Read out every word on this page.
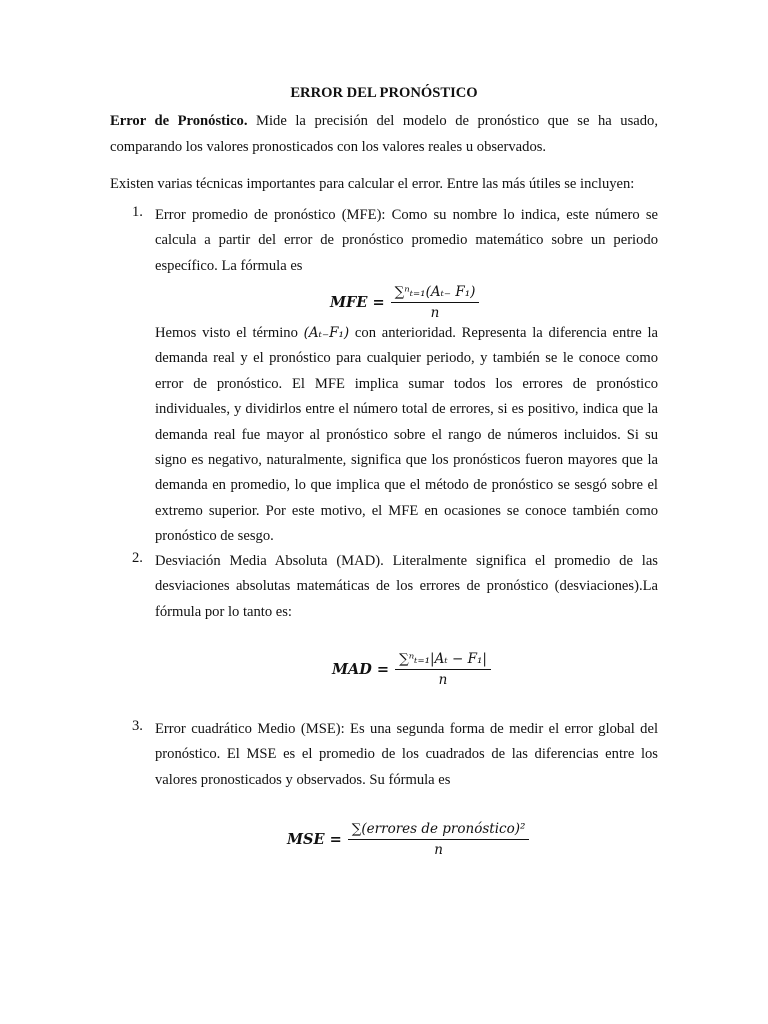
ERROR DEL PRONÓSTICO
Error de Pronóstico. Mide la precisión del modelo de pronóstico que se ha usado, comparando los valores pronosticados con los valores reales u observados.
Existen varias técnicas importantes para calcular el error. Entre las más útiles se incluyen:
1. Error promedio de pronóstico (MFE): Como su nombre lo indica, este número se calcula a partir del error de pronóstico promedio matemático sobre un periodo específico. La fórmula es
MFE = $\frac{\text{∑ⁿₜ₌₁(Aₜ₋ F₁)}}{n}$
Hemos visto el término (Aₜ₋F₁) con anterioridad. Representa la diferencia entre la demanda real y el pronóstico para cualquier periodo, y también se le conoce como error de pronóstico. El MFE implica sumar todos los errores de pronóstico individuales, y dividirlos entre el número total de errores, si es positivo, indica que la demanda real fue mayor al pronóstico sobre el rango de números incluidos. Si su signo es negativo, naturalmente, significa que los pronósticos fueron mayores que la demanda en promedio, lo que implica que el método de pronóstico se sesgó sobre el extremo superior. Por este motivo, el MFE en ocasiones se conoce también como pronóstico de sesgo.
2. Desviación Media Absoluta (MAD). Literalmente significa el promedio de las desviaciones absolutas matemáticas de los errores de pronóstico (desviaciones).La fórmula por lo tanto es:
MAD = $\frac{\text{∑ⁿₜ₌₁|Aₜ − F₁|}}{n}$
3. Error cuadrático Medio (MSE): Es una segunda forma de medir el error global del pronóstico. El MSE es el promedio de los cuadrados de las diferencias entre los valores pronosticados y observados. Su fórmula es
MSE = $\frac{\text{∑(errores de pronóstico)²}}{n}$
